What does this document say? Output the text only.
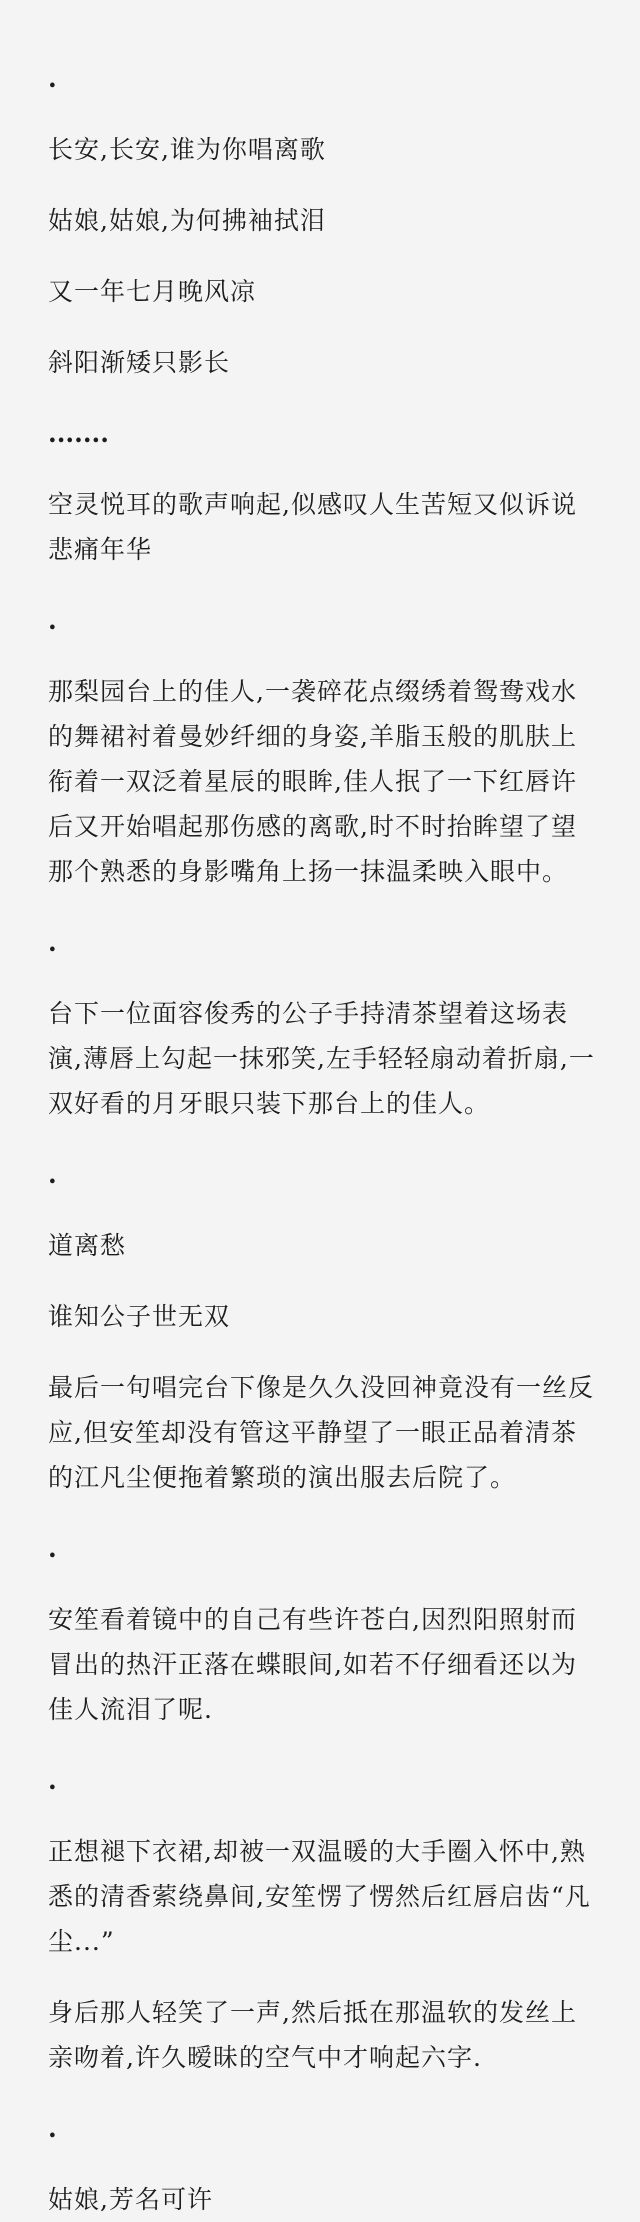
.
长安,长安,谁为你唱离歌
姑娘,姑娘,为何拂袖拭泪
又一年七月晚风凉
斜阳渐矮只影长
.......
空灵悦耳的歌声响起,似感叹人生苦短又似诉说悲痛年华
.
那梨园台上的佳人,一袭碎花点缀绣着鸳鸯戏水的舞裙衬着曼妙纤细的身姿,羊脂玉般的肌肤上衔着一双泛着星辰的眼眸,佳人抿了一下红唇许后又开始唱起那伤感的离歌,时不时抬眸望了望那个熟悉的身影嘴角上扬一抹温柔映入眼中。
.
台下一位面容俊秀的公子手持清茶望着这场表演,薄唇上勾起一抹邪笑,左手轻轻扇动着折扇,一双好看的月牙眼只装下那台上的佳人。
.
道离愁
谁知公子世无双
最后一句唱完台下像是久久没回神竟没有一丝反应,但安笙却没有管这平静望了一眼正品着清茶的江凡尘便拖着繁琐的演出服去后院了。
.
安笙看着镜中的自己有些许苍白,因烈阳照射而冒出的热汗正落在蝶眼间,如若不仔细看还以为佳人流泪了呢.
.
正想褪下衣裙,却被一双温暖的大手圈入怀中,熟悉的清香萦绕鼻间,安笙愣了愣然后红唇启齿“凡尘...”
身后那人轻笑了一声,然后抵在那温软的发丝上亲吻着,许久暧昧的空气中才响起六字.
.
姑娘,芳名可许
